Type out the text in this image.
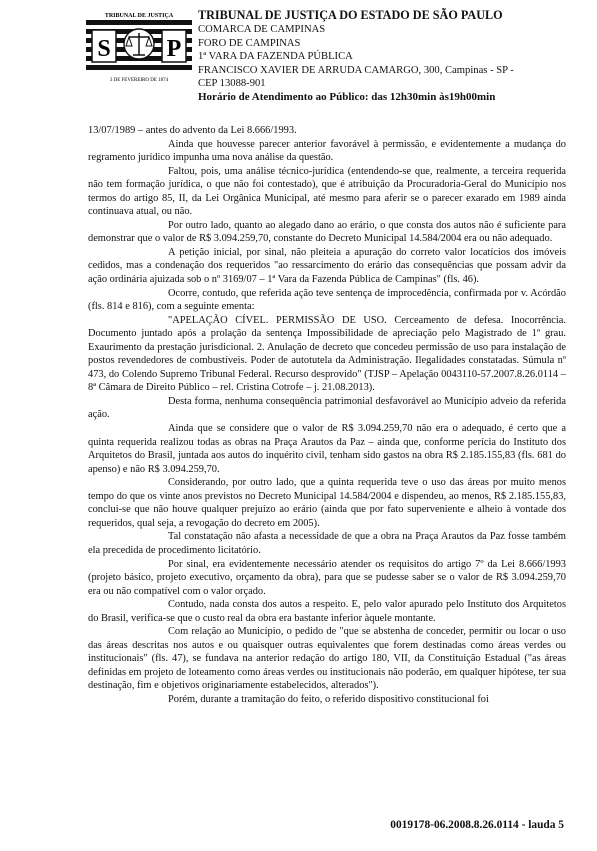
TRIBUNAL DE JUSTIÇA
S P
3 DE FEVEREIRO DE 1874
TRIBUNAL DE JUSTIÇA DO ESTADO DE SÃO PAULO
COMARCA DE CAMPINAS
FORO DE CAMPINAS
1ª VARA DA FAZENDA PÚBLICA
FRANCISCO XAVIER DE ARRUDA CAMARGO, 300, Campinas - SP -
CEP 13088-901
Horário de Atendimento ao Público: das 12h30min às19h00min

13/07/1989 – antes do advento da Lei 8.666/1993.

Ainda que houvesse parecer anterior favorável à permissão, e evidentemente a mudança do regramento jurídico impunha uma nova análise da questão.

Faltou, pois, uma análise técnico-jurídica (entendendo-se que, realmente, a terceira requerida não tem formação jurídica, o que não foi contestado), que é atribuição da Procuradoria-Geral do Município nos termos do artigo 85, II, da Lei Orgânica Municipal, até mesmo para aferir se o parecer exarado em 1989 ainda continuava atual, ou não.

Por outro lado, quanto ao alegado dano ao erário, o que consta dos autos não é suficiente para demonstrar que o valor de R$ 3.094.259,70, constante do Decreto Municipal 14.584/2004 era ou não adequado.

A petição inicial, por sinal, não pleiteia a apuração do correto valor locatícios dos imóveis cedidos, mas a condenação dos requeridos "ao ressarcimento do erário das consequências que possam advir da ação ordinária ajuizada sob o nº 3169/07 – 1ª Vara da Fazenda Pública de Campinas" (fls. 46).

Ocorre, contudo, que referida ação teve sentença de improcedência, confirmada por v. Acórdão (fls. 814 e 816), com a seguinte ementa:

"APELAÇÃO CÍVEL. PERMISSÃO DE USO. Cerceamento de defesa. Inocorrência. Documento juntado após a prolação da sentença Impossibilidade de apreciação pelo Magistrado de 1º grau. Exaurimento da prestação jurisdicional. 2. Anulação de decreto que concedeu permissão de uso para instalação de postos revendedores de combustíveis. Poder de autotutela da Administração. Ilegalidades constatadas. Súmula nº 473, do Colendo Supremo Tribunal Federal. Recurso desprovido" (TJSP – Apelação 0043110-57.2007.8.26.0114 – 8ª Câmara de Direito Público – rel. Cristina Cotrofe – j. 21.08.2013).

Desta forma, nenhuma consequência patrimonial desfavorável ao Município adveio da referida ação.

Ainda que se considere que o valor de R$ 3.094.259,70 não era o adequado, é certo que a quinta requerida realizou todas as obras na Praça Arautos da Paz – ainda que, conforme perícia do Instituto dos Arquitetos do Brasil, juntada aos autos do inquérito civil, tenham sido gastos na obra R$ 2.185.155,83 (fls. 681 do apenso) e não R$ 3.094.259,70.

Considerando, por outro lado, que a quinta requerida teve o uso das áreas por muito menos tempo do que os vinte anos previstos no Decreto Municipal 14.584/2004 e dispendeu, ao menos, R$ 2.185.155,83, conclui-se que não houve qualquer prejuízo ao erário (ainda que por fato superveniente e alheio à vontade dos requeridos, qual seja, a revogação do decreto em 2005).

Tal constatação não afasta a necessidade de que a obra na Praça Arautos da Paz fosse também ela precedida de procedimento licitatório.

Por sinal, era evidentemente necessário atender os requisitos do artigo 7º da Lei 8.666/1993 (projeto básico, projeto executivo, orçamento da obra), para que se pudesse saber se o valor de R$ 3.094.259,70 era ou não compatível com o valor orçado.

Contudo, nada consta dos autos a respeito. E, pelo valor apurado pelo Instituto dos Arquitetos do Brasil, verifica-se que o custo real da obra era bastante inferior àquele montante.

Com relação ao Município, o pedido de "que se abstenha de conceder, permitir ou locar o uso das áreas descritas nos autos e ou quaisquer outras equivalentes que forem destinadas como áreas verdes ou institucionais" (fls. 47), se fundava na anterior redação do artigo 180, VII, da Constituição Estadual ("as áreas definidas em projeto de loteamento como áreas verdes ou institucionais não poderão, em qualquer hipótese, ter sua destinação, fim e objetivos originariamente estabelecidos, alterados").

Porém, durante a tramitação do feito, o referido dispositivo constitucional foi

0019178-06.2008.8.26.0114 - lauda 5
